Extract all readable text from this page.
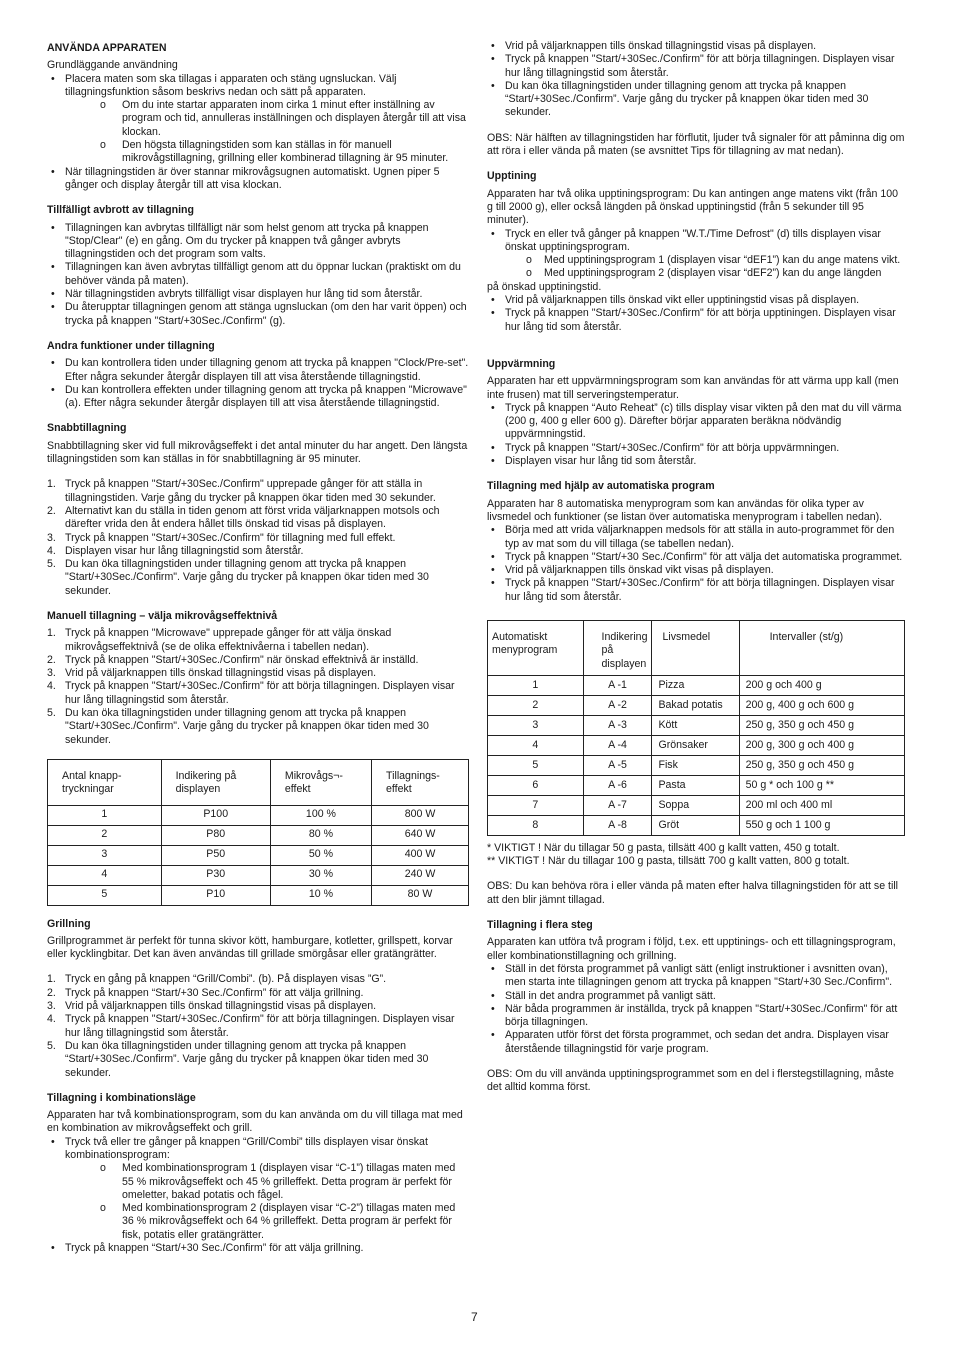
ANVÄNDA APPARATEN

Grundläggande användning

• Placera maten som ska tillagas i apparaten och stäng ugnsluckan. Välj tillagningsfunktion såsom beskrivs nedan och sätt på apparaten.
o Om du inte startar apparaten inom cirka 1 minut efter inställning av program och tid, annulleras inställningen och displayen återgår till att visa klockan.
o Den högsta tillagningstiden som kan ställas in för manuell mikrovågstillagning, grillning eller kombinerad tillagning är 95 minuter.
• När tillagningstiden är över stannar mikrovågsugnen automatiskt. Ugnen piper 5 gånger och display återgår till att visa klockan.

Tillfälligt avbrott av tillagning

• Tillagningen kan avbrytas tillfälligt när som helst genom att trycka på knappen "Stop/Clear" (e) en gång. Om du trycker på knappen två gånger avbryts tillagningstiden och det program som valts.
• Tillagningen kan även avbrytas tillfälligt genom att du öppnar luckan (praktiskt om du behöver vända på maten).
• När tillagningstiden avbryts tillfälligt visar displayen hur lång tid som återstår.
• Du återupptar tillagningen genom att stänga ugnsluckan (om den har varit öppen) och trycka på knappen "Start/+30Sec./Confirm" (g).

Andra funktioner under tillagning

• Du kan kontrollera tiden under tillagning genom att trycka på knappen "Clock/Pre-set". Efter några sekunder återgår displayen till att visa återstående tillagningstid.
• Du kan kontrollera effekten under tillagning genom att trycka på knappen "Microwave" (a). Efter några sekunder återgår displayen till att visa återstående tillagningstid.

Snabbtillagning

Snabbtillagning sker vid full mikrovågseffekt i det antal minuter du har angett. Den längsta tillagningstiden som kan ställas in för snabbtillagning är 95 minuter.

1. Tryck på knappen "Start/+30Sec./Confirm" upprepade gånger för att ställa in tillagningstiden. Varje gång du trycker på knappen ökar tiden med 30 sekunder.
2. Alternativt kan du ställa in tiden genom att först vrida väljarknappen motsols och därefter vrida den åt endera hållet tills önskad tid visas på displayen.
3. Tryck på knappen "Start/+30Sec./Confirm" för tillagning med full effekt.
4. Displayen visar hur lång tillagningstid som återstår.
5. Du kan öka tillagningstiden under tillagning genom att trycka på knappen "Start/+30Sec./Confirm". Varje gång du trycker på knappen ökar tiden med 30 sekunder.

Manuell tillagning – välja mikrovågseffektnivå

1. Tryck på knappen "Microwave" upprepade gånger för att välja önskad mikrovågseffektnivå (se de olika effektnivåerna i tabellen nedan).
2. Tryck på knappen "Start/+30Sec./Confirm" när önskad effektnivå är inställd.
3. Vrid på väljarknappen tills önskad tillagningstid visas på displayen.
4. Tryck på knappen "Start/+30Sec./Confirm" för att börja tillagningen. Displayen visar hur lång tillagningstid som återstår.
5. Du kan öka tillagningstiden under tillagning genom att trycka på knappen "Start/+30Sec./Confirm". Varje gång du trycker på knappen ökar tiden med 30 sekunder.
Antal knapp-tryckningar	Indikering på displayen	Mikrovågs¬-effekt	Tillagnings-effekt
1	P100	100 %	800 W
2	P80	80 %	640 W
3	P50	50 %	400 W
4	P30	30 %	240 W
5	P10	10 %	80 W

Grillning

Grillprogrammet är perfekt för tunna skivor kött, hamburgare, kotletter, grillspett, korvar eller kycklingbitar. Det kan även användas till grillade smörgåsar eller gratängrätter.

1. Tryck en gång på knappen “Grill/Combi”. (b). På displayen visas ”G”.
2. Tryck på knappen “Start/+30 Sec./Confirm” för att välja grillning.
3. Vrid på väljarknappen tills önskad tillagningstid visas på displayen.
4. Tryck på knappen "Start/+30Sec./Confirm" för att börja tillagningen. Displayen visar hur lång tillagningstid som återstår.
5. Du kan öka tillagningstiden under tillagning genom att trycka på knappen “Start/+30Sec./Confirm”. Varje gång du trycker på knappen ökar tiden med 30 sekunder.

Tillagning i kombinationsläge

Apparaten har två kombinationsprogram, som du kan använda om du vill tillaga mat med en kombination av mikrovågseffekt och grill.

• Tryck två eller tre gånger på knappen “Grill/Combi” tills displayen visar önskat kombinationsprogram:
o Med kombinationsprogram 1 (displayen visar “C-1”) tillagas maten med 55 % mikrovågseffekt och 45 % grilleffekt. Detta program är perfekt för omeletter, bakad potatis och fågel.
o Med kombinationsprogram 2 (displayen visar “C-2”) tillagas maten med 36 % mikrovågseffekt och 64 % grilleffekt. Detta program är perfekt för fisk, potatis eller gratängrätter.
• Tryck på knappen “Start/+30 Sec./Confirm” för att välja grillning.
• Vrid på väljarknappen tills önskad tillagningstid visas på displayen.
• Tryck på knappen "Start/+30Sec./Confirm" för att börja tillagningen. Displayen visar hur lång tillagningstid som återstår.
• Du kan öka tillagningstiden under tillagning genom att trycka på knappen “Start/+30Sec./Confirm”. Varje gång du trycker på knappen ökar tiden med 30 sekunder.

OBS: När hälften av tillagningstiden har förflutit, ljuder två signaler för att påminna dig om att röra i eller vända på maten (se avsnittet Tips för tillagning av mat nedan).

Upptining

Apparaten har två olika upptiningsprogram: Du kan antingen ange matens vikt (från 100 g till 2000 g), eller också längden på önskad upptiningstid (från 5 sekunder till 95 minuter).

• Tryck en eller två gånger på knappen "W.T./Time Defrost" (d) tills displayen visar önskat upptiningsprogram.
o Med upptiningsprogram 1 (displayen visar “dEF1”) kan du ange matens vikt.
o Med upptiningsprogram 2 (displayen visar “dEF2”) kan du ange längden

på önskad upptiningstid.

• Vrid på väljarknappen tills önskad vikt eller upptiningstid visas på displayen.
• Tryck på knappen "Start/+30Sec./Confirm" för att börja upptiningen. Displayen visar hur lång tid som återstår.

Uppvärmning

Apparaten har ett uppvärmningsprogram som kan användas för att värma upp kall (men inte frusen) mat till serveringstemperatur.

• Tryck på knappen “Auto Reheat” (c) tills display visar vikten på den mat du vill värma (200 g, 400 g eller 600 g). Därefter börjar apparaten beräkna nödvändig uppvärmningstid.
• Tryck på knappen "Start/+30Sec./Confirm" för att börja uppvärmningen.
• Displayen visar hur lång tid som återstår.

Tillagning med hjälp av automatiska program

Apparaten har 8 automatiska menyprogram som kan användas för olika typer av livsmedel och funktioner (se listan över automatiska menyprogram i tabellen nedan).

• Börja med att vrida väljarknappen medsols för att ställa in auto-programmet för den typ av mat som du vill tillaga (se tabellen nedan).
• Tryck på knappen "Start/+30 Sec./Confirm" för att välja det automatiska programmet.
• Vrid på väljarknappen tills önskad vikt visas på displayen.
• Tryck på knappen "Start/+30Sec./Confirm" för att börja tillagningen. Displayen visar hur lång tid som återstår.
Automatiskt menyprogram	Indikering på displayen	Livsmedel	Intervaller (st/g)
1	A -1	Pizza	200 g och 400 g
2	A -2	Bakad potatis	200 g, 400 g och 600 g
3	A -3	Kött	250 g, 350 g och 450 g
4	A -4	Grönsaker	200 g, 300 g och 400 g
5	A -5	Fisk	250 g, 350 g och 450 g
6	A -6	Pasta	50 g * och 100 g **
7	A -7	Soppa	200 ml och 400 ml
8	A -8	Gröt	550 g och 1 100 g

* VIKTIGT ! När du tillagar 50 g pasta, tillsätt 400 g kallt vatten, 450 g totalt.

** VIKTIGT ! När du tillagar 100 g pasta, tillsätt 700 g kallt vatten, 800 g totalt.

OBS: Du kan behöva röra i eller vända på maten efter halva tillagningstiden för att se till att den blir jämnt tillagad.

Tillagning i flera steg

Apparaten kan utföra två program i följd, t.ex. ett upptinings- och ett tillagningsprogram, eller kombinationstillagning och grillning.

• Ställ in det första programmet på vanligt sätt (enligt instruktioner i avsnitten ovan), men starta inte tillagningen genom att trycka på knappen "Start/+30 Sec./Confirm".
• Ställ in det andra programmet på vanligt sätt.
• När båda programmen är inställda, tryck på knappen "Start/+30Sec./Confirm" för att börja tillagningen.
• Apparaten utför först det första programmet, och sedan det andra. Displayen visar återstående tillagningstid för varje program.

OBS: Om du vill använda upptiningsprogrammet som en del i flerstegstillagning, måste det alltid komma först.

7
